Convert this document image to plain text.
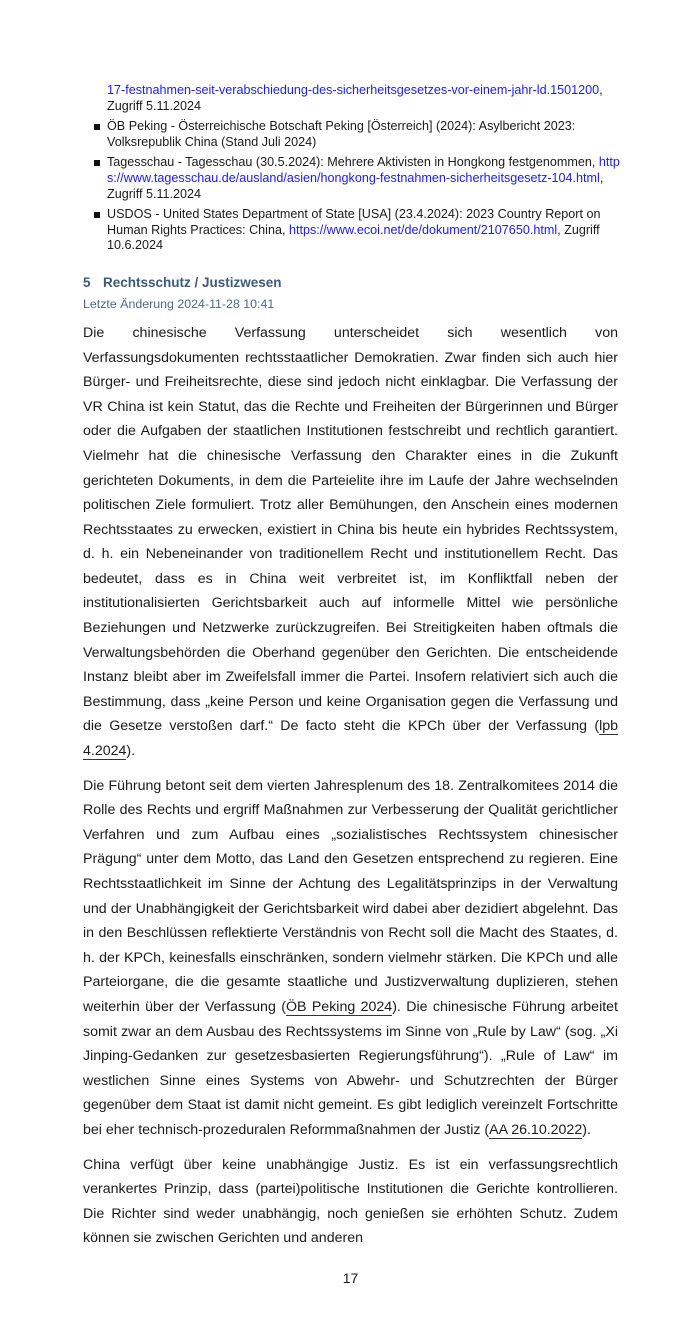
17-festnahmen-seit-verabschiedung-des-sicherheitsgesetzes-vor-einem-jahr-ld.1501200, Zugriff 5.11.2024
ÖB Peking - Österreichische Botschaft Peking [Österreich] (2024): Asylbericht 2023: Volksrepublik China (Stand Juli 2024)
Tagesschau - Tagesschau (30.5.2024): Mehrere Aktivisten in Hongkong festgenommen, https://www.tagesschau.de/ausland/asien/hongkong-festnahmen-sicherheitsgesetz-104.html, Zugriff 5.11.2024
USDOS - United States Department of State [USA] (23.4.2024): 2023 Country Report on Human Rights Practices: China, https://www.ecoi.net/de/dokument/2107650.html, Zugriff 10.6.2024
5 Rechtsschutz / Justizwesen
Letzte Änderung 2024-11-28 10:41

Die chinesische Verfassung unterscheidet sich wesentlich von Verfassungsdokumenten rechtsstaatlicher Demokratien. Zwar finden sich auch hier Bürger- und Freiheitsrechte, diese sind jedoch nicht einklagbar. Die Verfassung der VR China ist kein Statut, das die Rechte und Freiheiten der Bürgerinnen und Bürger oder die Aufgaben der staatlichen Institutionen festschreibt und rechtlich garantiert. Vielmehr hat die chinesische Verfassung den Charakter eines in die Zukunft gerichteten Dokuments, in dem die Parteielite ihre im Laufe der Jahre wechselnden politischen Ziele formuliert. Trotz aller Bemühungen, den Anschein eines modernen Rechtsstaates zu erwecken, existiert in China bis heute ein hybrides Rechtssystem, d. h. ein Nebeneinander von traditionellem Recht und institutionellem Recht. Das bedeutet, dass es in China weit verbreitet ist, im Konfliktfall neben der institutionalisierten Gerichtsbarkeit auch auf informelle Mittel wie persönliche Beziehungen und Netzwerke zurückzugreifen. Bei Streitigkeiten haben oftmals die Verwaltungsbehörden die Oberhand gegenüber den Gerichten. Die entscheidende Instanz bleibt aber im Zweifelsfall immer die Partei. Insofern relativiert sich auch die Bestimmung, dass „keine Person und keine Organisation gegen die Verfassung und die Gesetze verstoßen darf.“ De facto steht die KPCh über der Verfassung (lpb 4.2024).

Die Führung betont seit dem vierten Jahresplenum des 18. Zentralkomitees 2014 die Rolle des Rechts und ergriff Maßnahmen zur Verbesserung der Qualität gerichtlicher Verfahren und zum Aufbau eines „sozialistisches Rechtssystem chinesischer Prägung“ unter dem Motto, das Land den Gesetzen entsprechend zu regieren. Eine Rechtsstaatlichkeit im Sinne der Achtung des Legalitätsprinzips in der Verwaltung und der Unabhängigkeit der Gerichtsbarkeit wird dabei aber dezidiert abgelehnt. Das in den Beschlüssen reflektierte Verständnis von Recht soll die Macht des Staates, d. h. der KPCh, keinesfalls einschränken, sondern vielmehr stärken. Die KPCh und alle Parteiorgane, die die gesamte staatliche und Justizverwaltung duplizieren, stehen weiterhin über der Verfassung (ÖB Peking 2024). Die chinesische Führung arbeitet somit zwar an dem Ausbau des Rechtssystems im Sinne von „Rule by Law“ (sog. „Xi Jinping-Gedanken zur gesetzesbasierten Regierungsführung“). „Rule of Law“ im westlichen Sinne eines Systems von Abwehr- und Schutzrechten der Bürger gegenüber dem Staat ist damit nicht gemeint. Es gibt lediglich vereinzelt Fortschritte bei eher technisch-prozeduralen Reformmaßnahmen der Justiz (AA 26.10.2022).

China verfügt über keine unabhängige Justiz. Es ist ein verfassungsrechtlich verankertes Prinzip, dass (partei)politische Institutionen die Gerichte kontrollieren. Die Richter sind weder unabhängig, noch genießen sie erhöhten Schutz. Zudem können sie zwischen Gerichten und anderen

17
